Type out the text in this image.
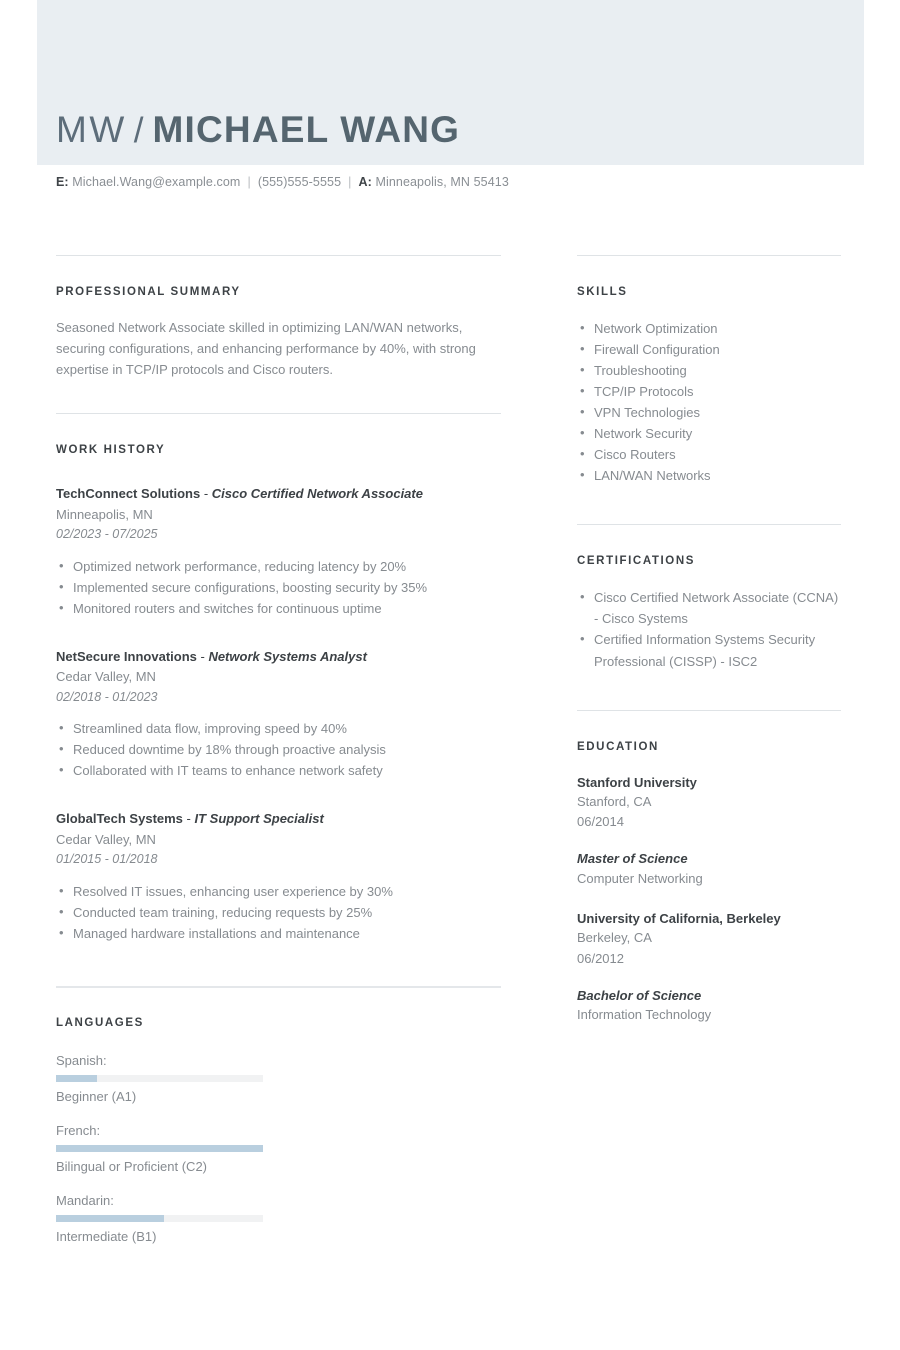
MW / MICHAEL WANG
E: Michael.Wang@example.com | (555)555-5555 | A: Minneapolis, MN 55413
PROFESSIONAL SUMMARY
Seasoned Network Associate skilled in optimizing LAN/WAN networks, securing configurations, and enhancing performance by 40%, with strong expertise in TCP/IP protocols and Cisco routers.
WORK HISTORY
TechConnect Solutions - Cisco Certified Network Associate
Minneapolis, MN
02/2023 - 07/2025
• Optimized network performance, reducing latency by 20%
• Implemented secure configurations, boosting security by 35%
• Monitored routers and switches for continuous uptime
NetSecure Innovations - Network Systems Analyst
Cedar Valley, MN
02/2018 - 01/2023
• Streamlined data flow, improving speed by 40%
• Reduced downtime by 18% through proactive analysis
• Collaborated with IT teams to enhance network safety
GlobalTech Systems - IT Support Specialist
Cedar Valley, MN
01/2015 - 01/2018
• Resolved IT issues, enhancing user experience by 30%
• Conducted team training, reducing requests by 25%
• Managed hardware installations and maintenance
LANGUAGES
Spanish:
Beginner (A1)
French:
Bilingual or Proficient (C2)
Mandarin:
Intermediate (B1)
SKILLS
• Network Optimization
• Firewall Configuration
• Troubleshooting
• TCP/IP Protocols
• VPN Technologies
• Network Security
• Cisco Routers
• LAN/WAN Networks
CERTIFICATIONS
• Cisco Certified Network Associate (CCNA) - Cisco Systems
• Certified Information Systems Security Professional (CISSP) - ISC2
EDUCATION
Stanford University
Stanford, CA
06/2014
Master of Science
Computer Networking
University of California, Berkeley
Berkeley, CA
06/2012
Bachelor of Science
Information Technology
